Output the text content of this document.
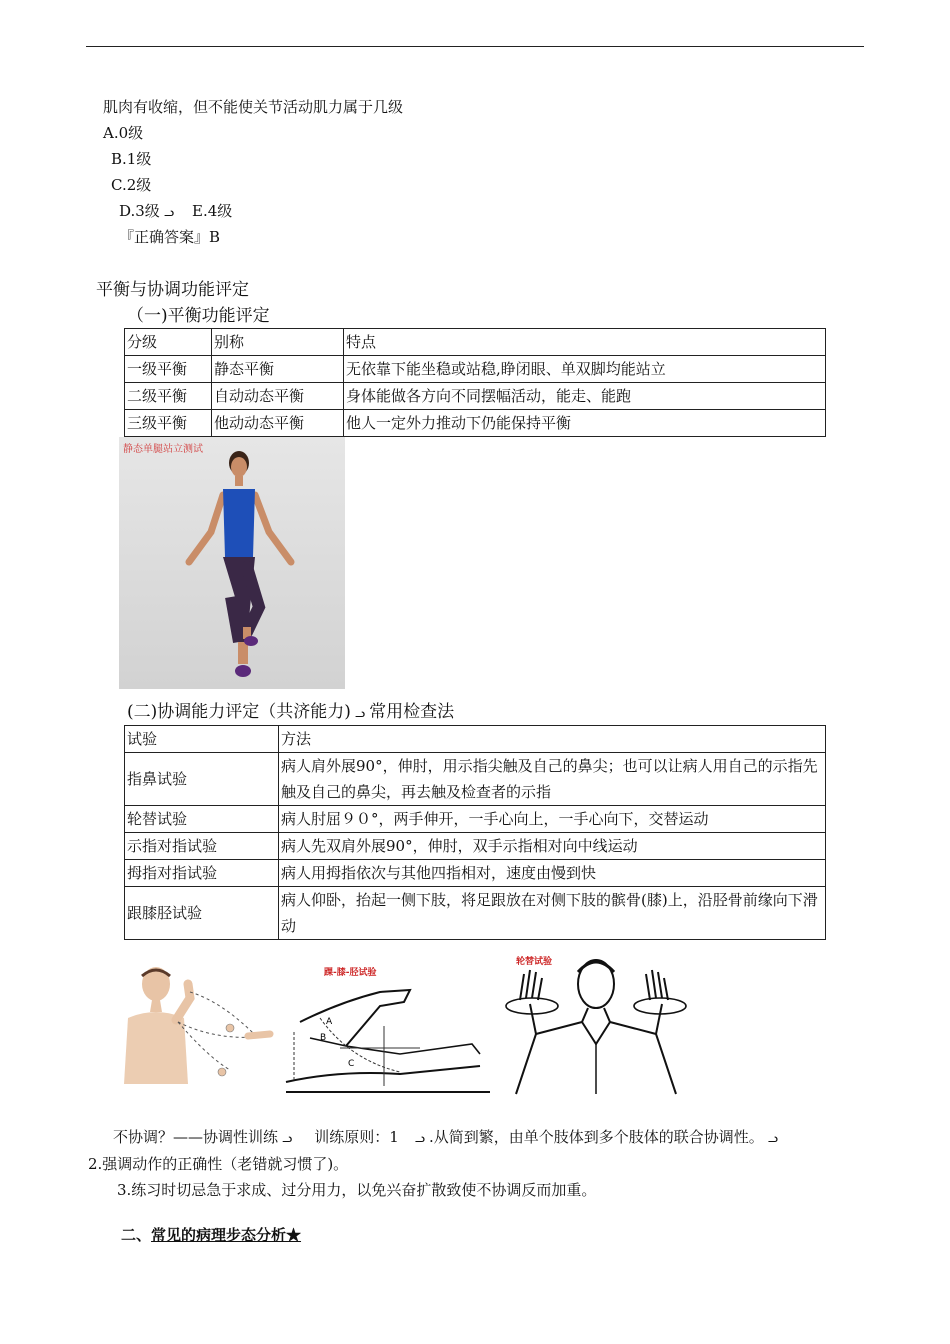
肌肉有收缩，但不能使关节活动肌力属于几级
A.0级
B.1级
C.2级
D.3级 ᓗ E.4级
『正确答案』B
平衡与协调功能评定
（一)平衡功能评定
分级	别称	特点
一级平衡	静态平衡	无依靠下能坐稳或站稳,睁闭眼、单双脚均能站立
二级平衡	自动动态平衡	身体能做各方向不同摆幅活动，能走、能跑
三级平衡	他动动态平衡	他人一定外力推动下仍能保持平衡
静态单腿站立测试
(二)协调能力评定（共济能力) ᓗ 常用检查法
试验	方法
指鼻试验	病人肩外展90°，伸肘，用示指尖触及自己的鼻尖；也可以让病人用自己的示指先触及自己的鼻尖，再去触及检查者的示指
轮替试验	病人肘屈９０°，两手伸开，一手心向上，一手心向下，交替运动
示指对指试验	病人先双肩外展90°，伸肘，双手示指相对向中线运动
拇指对指试验	病人用拇指依次与其他四指相对，速度由慢到快
跟膝胫试验	病人仰卧，抬起一侧下肢，将足跟放在对侧下肢的髌骨(膝)上，沿胫骨前缘向下滑动
踝-膝-胫试验
A
B
C
轮替试验
不协调？——协调性训练 ᓗ 训练原则：1 ᓗ .从简到繁，由单个肢体到多个肢体的联合协调性。 ᓗ
2.强调动作的正确性（老错就习惯了)。
3.练习时切忌急于求成、过分用力，以免兴奋扩散致使不协调反而加重。
二、常见的病理步态分析★
